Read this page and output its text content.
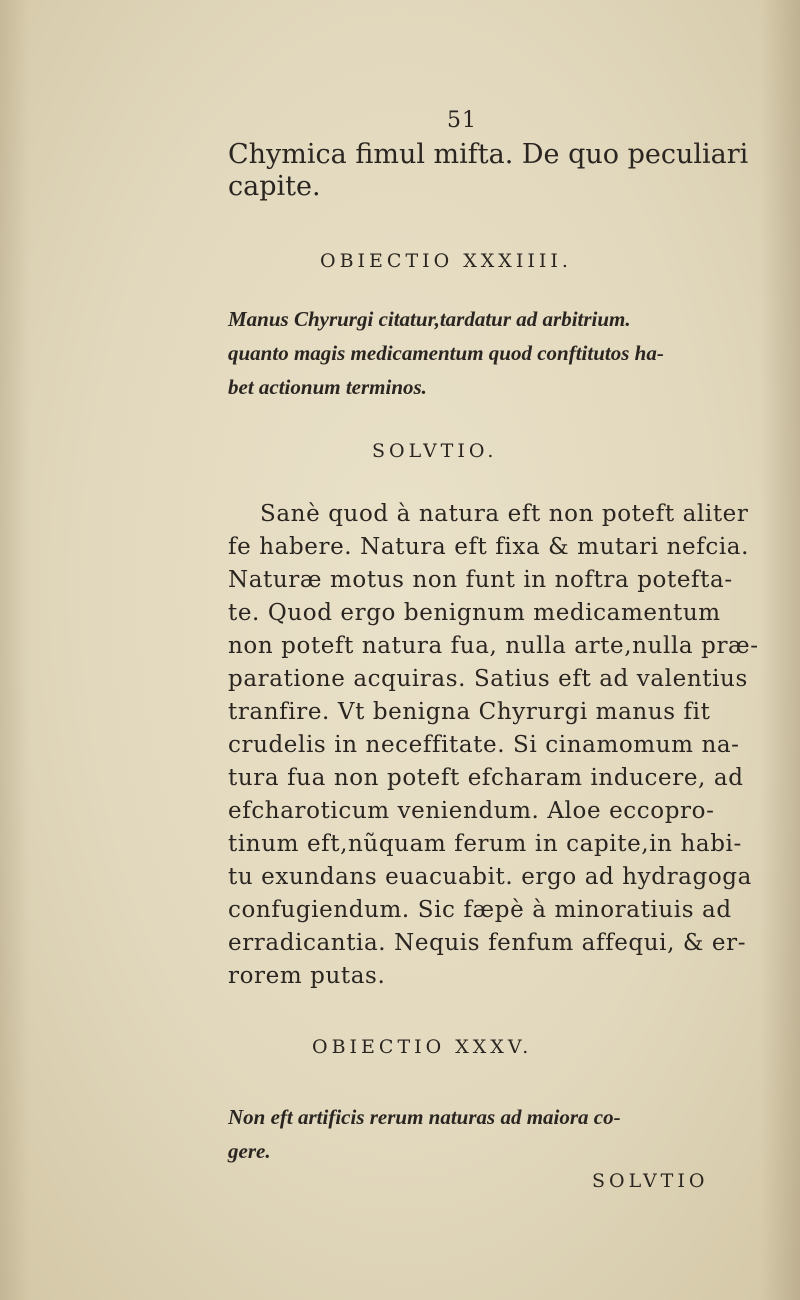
51
Chymica fimul mifta. De quo peculiari
capite.
OBIECTIO XXXIIII.
Manus Chyrurgi citatur,tardatur ad arbitrium.
quanto magis medicamentum quod conftitutos ha-
bet actionum terminos.
SOLVTIO.
Sanè quod à natura eft non poteft aliter
fe habere. Natura eft fixa & mutari nefcia.
Naturæ motus non funt in noftra potefta-
te. Quod ergo benignum medicamentum
non poteft natura fua, nulla arte,nulla præ-
paratione acquiras. Satius eft ad valentius
tranfire. Vt benigna Chyrurgi manus fit
crudelis in neceffitate. Si cinamomum na-
tura fua non poteft efcharam inducere, ad
efcharoticum veniendum. Aloe eccopro-
tinum eft,nũquam ferum in capite,in habi-
tu exundans euacuabit. ergo ad hydragoga
confugiendum. Sic fæpè à minoratiuis ad
erradicantia. Nequis fenfum affequi, & er-
rorem putas.
OBIECTIO XXXV.
Non eft artificis rerum naturas ad maiora co-
gere.
SOLVTIO
